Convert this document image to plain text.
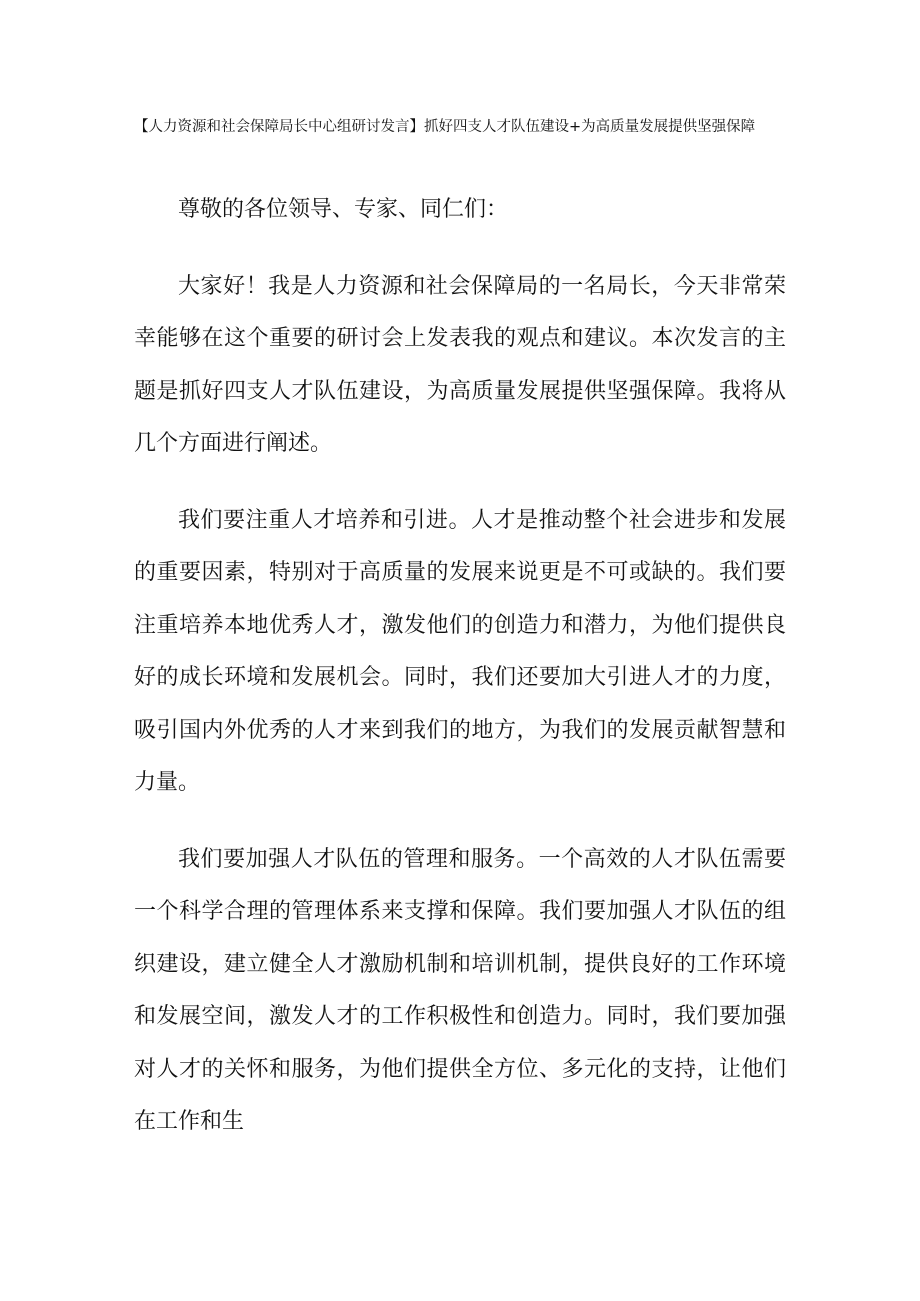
【人力资源和社会保障局长中心组研讨发言】抓好四支人才队伍建设+为高质量发展提供坚强保障

尊敬的各位领导、专家、同仁们：

大家好！我是人力资源和社会保障局的一名局长，今天非常荣幸能够在这个重要的研讨会上发表我的观点和建议。本次发言的主题是抓好四支人才队伍建设，为高质量发展提供坚强保障。我将从几个方面进行阐述。

我们要注重人才培养和引进。人才是推动整个社会进步和发展的重要因素，特别对于高质量的发展来说更是不可或缺的。我们要注重培养本地优秀人才，激发他们的创造力和潜力，为他们提供良好的成长环境和发展机会。同时，我们还要加大引进人才的力度，吸引国内外优秀的人才来到我们的地方，为我们的发展贡献智慧和力量。

我们要加强人才队伍的管理和服务。一个高效的人才队伍需要一个科学合理的管理体系来支撑和保障。我们要加强人才队伍的组织建设，建立健全人才激励机制和培训机制，提供良好的工作环境和发展空间，激发人才的工作积极性和创造力。同时，我们要加强对人才的关怀和服务，为他们提供全方位、多元化的支持，让他们在工作和生
